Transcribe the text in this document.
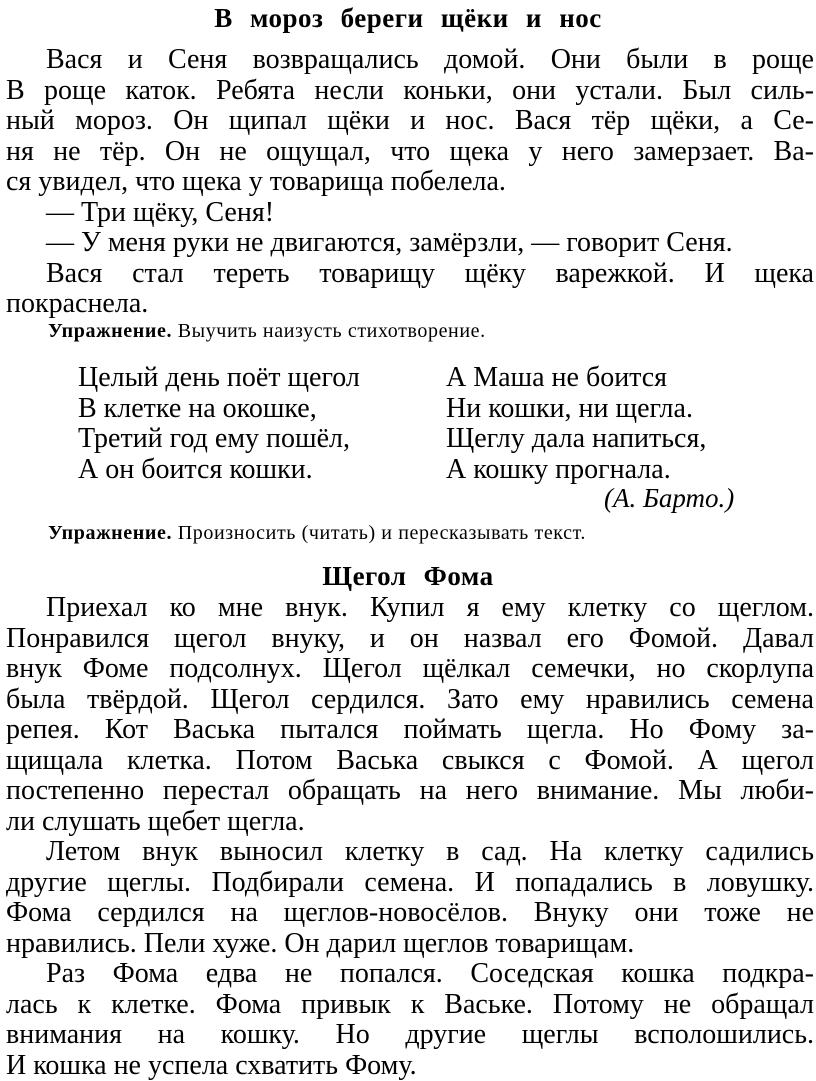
В мороз береги щёки и нос
Вася и Сеня возвращались домой. Они были в роще
В роще каток. Ребята несли коньки, они устали. Был силь-
ный мороз. Он щипал щёки и нос. Вася тёр щёки, а Се-
ня не тёр. Он не ощущал, что щека у него замерзает. Ва-
ся увидел, что щека у товарища побелела.
— Три щёку, Сеня!
— У меня руки не двигаются, замёрзли, — говорит Сеня.
Вася стал тереть товарищу щёку варежкой. И щека
покраснела.
Упражнение. Выучить наизусть стихотворение.
Целый день поёт щегол
В клетке на окошке,
Третий год ему пошёл,
А он боится кошки.
А Маша не боится
Ни кошки, ни щегла.
Щеглу дала напиться,
А кошку прогнала.
(А. Барто.)
Упражнение. Произносить (читать) и пересказывать текст.
Щегол Фома
Приехал ко мне внук. Купил я ему клетку со щеглом.
Понравился щегол внуку, и он назвал его Фомой. Давал
внук Фоме подсолнух. Щегол щёлкал семечки, но скорлупа
была твёрдой. Щегол сердился. Зато ему нравились семена
репея. Кот Васька пытался поймать щегла. Но Фому за-
щищала клетка. Потом Васька свыкся с Фомой. А щегол
постепенно перестал обращать на него внимание. Мы люби-
ли слушать щебет щегла.
Летом внук выносил клетку в сад. На клетку садились
другие щеглы. Подбирали семена. И попадались в ловушку.
Фома сердился на щеглов-новосёлов. Внуку они тоже не
нравились. Пели хуже. Он дарил щеглов товарищам.
Раз Фома едва не попался. Соседская кошка подкра-
лась к клетке. Фома привык к Ваське. Потому не обращал
внимания на кошку. Но другие щеглы всполошились.
И кошка не успела схватить Фому.
